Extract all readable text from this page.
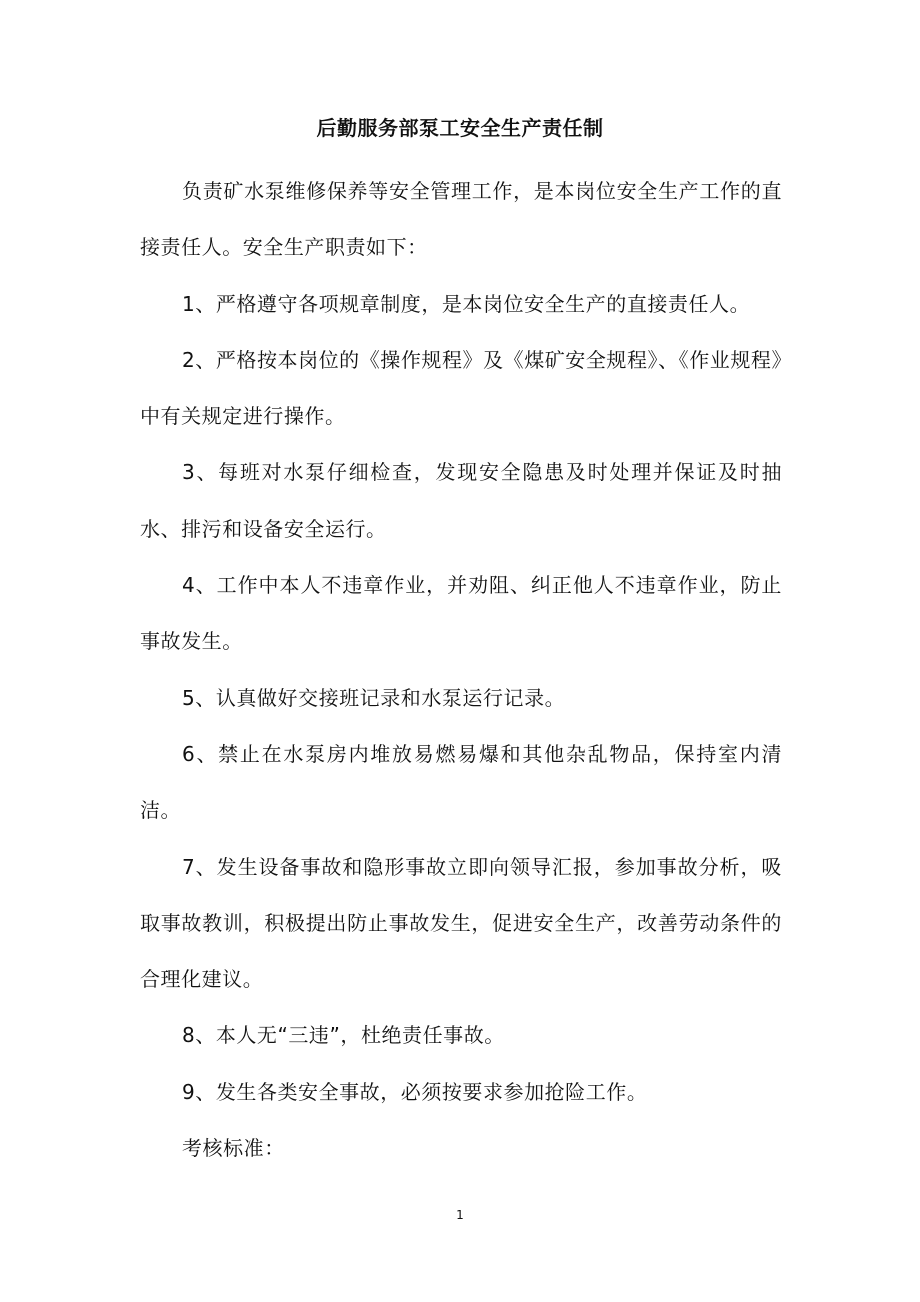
后勤服务部泵工安全生产责任制

负责矿水泵维修保养等安全管理工作，是本岗位安全生产工作的直接责任人。安全生产职责如下：

1、严格遵守各项规章制度，是本岗位安全生产的直接责任人。

2、严格按本岗位的《操作规程》及《煤矿安全规程》、《作业规程》中有关规定进行操作。

3、每班对水泵仔细检查，发现安全隐患及时处理并保证及时抽水、排污和设备安全运行。

4、工作中本人不违章作业，并劝阻、纠正他人不违章作业，防止事故发生。

5、认真做好交接班记录和水泵运行记录。

6、禁止在水泵房内堆放易燃易爆和其他杂乱物品，保持室内清洁。

7、发生设备事故和隐形事故立即向领导汇报，参加事故分析，吸取事故教训，积极提出防止事故发生，促进安全生产，改善劳动条件的合理化建议。

8、本人无“三违”，杜绝责任事故。

9、发生各类安全事故，必须按要求参加抢险工作。

考核标准：

1
